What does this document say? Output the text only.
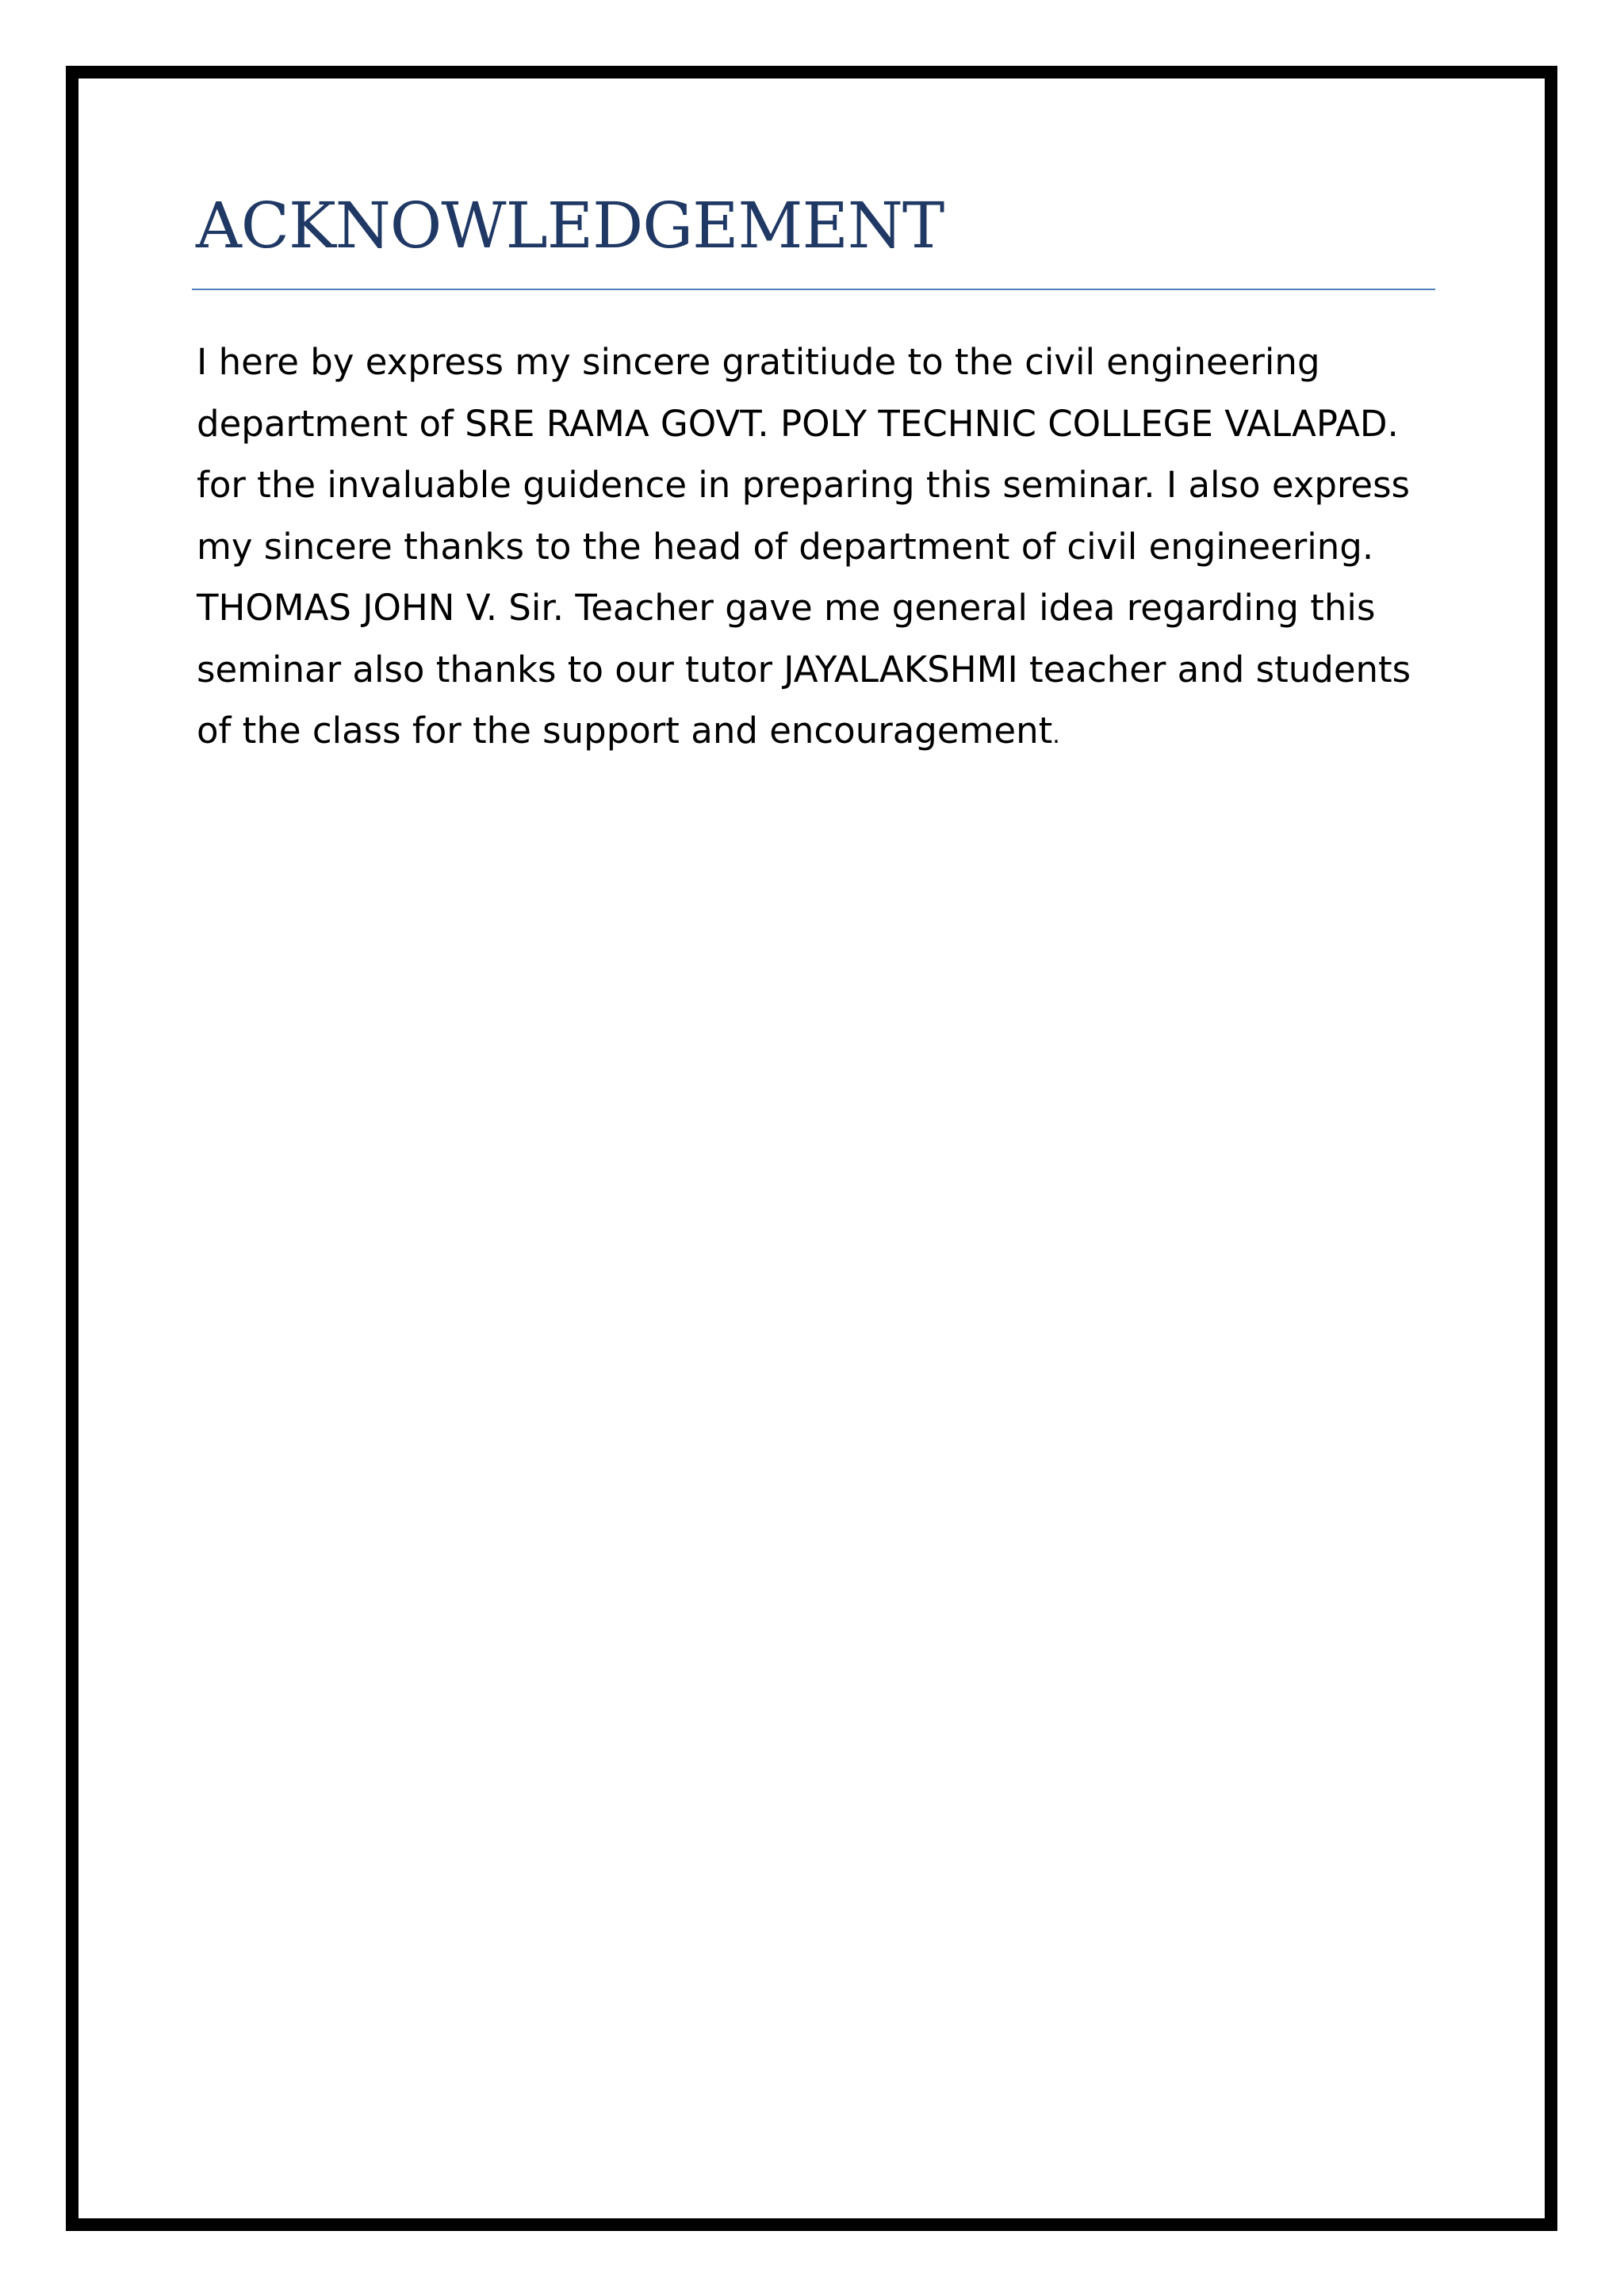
ACKNOWLEDGEMENT

I here by express my sincere gratitiude to the civil engineering
department of SRE RAMA GOVT. POLY TECHNIC COLLEGE VALAPAD.
for the invaluable guidence in preparing this seminar. I also express
my sincere thanks to the head of department of civil engineering.
THOMAS JOHN V. Sir. Teacher gave me general idea regarding this
seminar also thanks to our tutor JAYALAKSHMI teacher and students
of the class for the support and encouragement.
